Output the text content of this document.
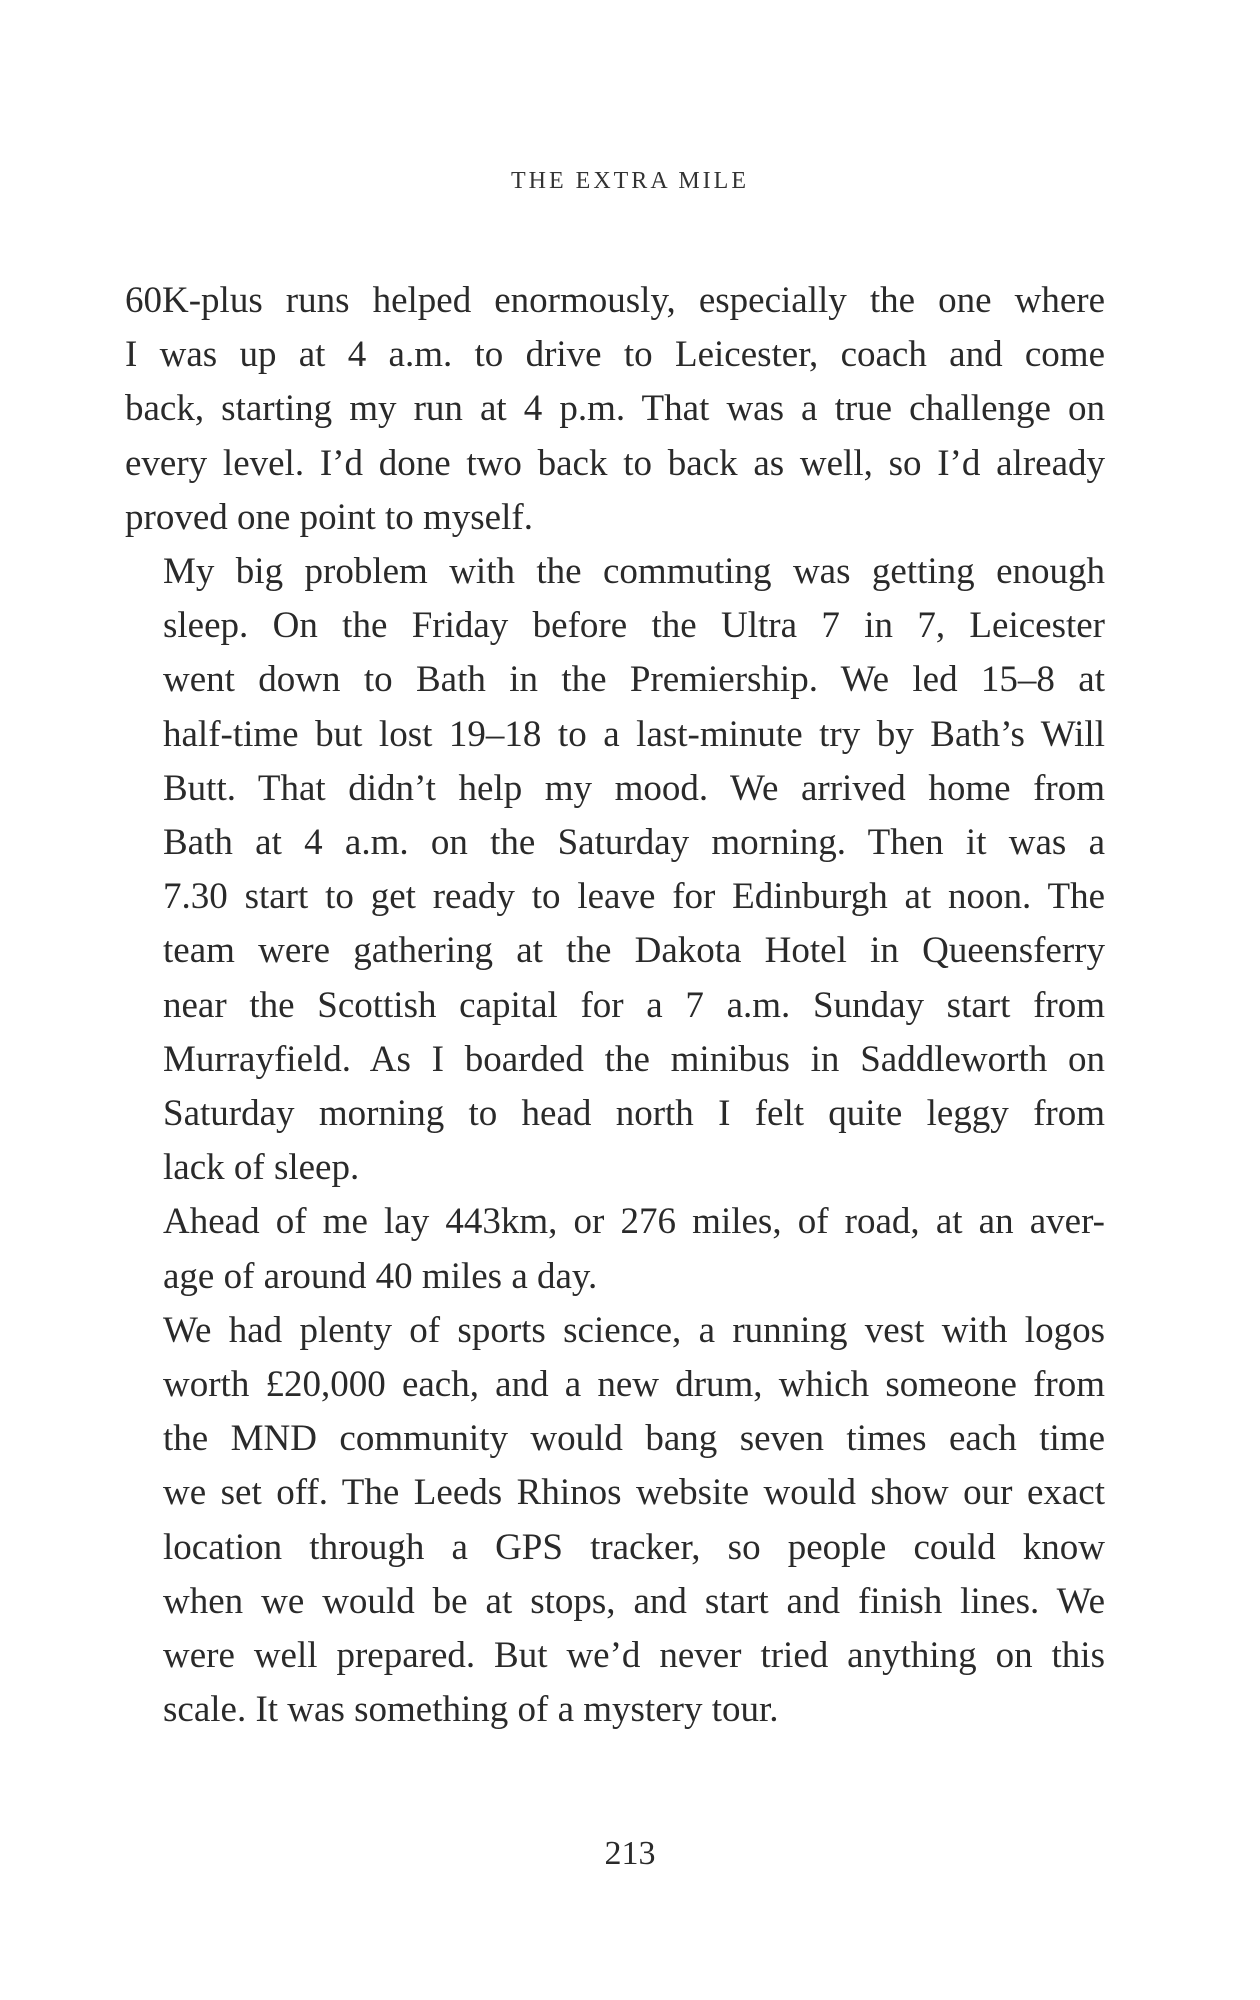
THE EXTRA MILE

60K-plus runs helped enormously, especially the one where
I was up at 4 a.m. to drive to Leicester, coach and come
back, starting my run at 4 p.m. That was a true challenge on
every level. I’d done two back to back as well, so I’d already
proved one point to myself.

My big problem with the commuting was getting enough
sleep. On the Friday before the Ultra 7 in 7, Leicester
went down to Bath in the Premiership. We led 15–8 at
half-time but lost 19–18 to a last-minute try by Bath’s Will
Butt. That didn’t help my mood. We arrived home from
Bath at 4 a.m. on the Saturday morning. Then it was a
7.30 start to get ready to leave for Edinburgh at noon. The
team were gathering at the Dakota Hotel in Queensferry
near the Scottish capital for a 7 a.m. Sunday start from
Murrayfield. As I boarded the minibus in Saddleworth on
Saturday morning to head north I felt quite leggy from
lack of sleep.

Ahead of me lay 443km, or 276 miles, of road, at an aver-
age of around 40 miles a day.

We had plenty of sports science, a running vest with logos
worth £20,000 each, and a new drum, which someone from
the MND community would bang seven times each time
we set off. The Leeds Rhinos website would show our exact
location through a GPS tracker, so people could know
when we would be at stops, and start and finish lines. We
were well prepared. But we’d never tried anything on this
scale. It was something of a mystery tour.

213
